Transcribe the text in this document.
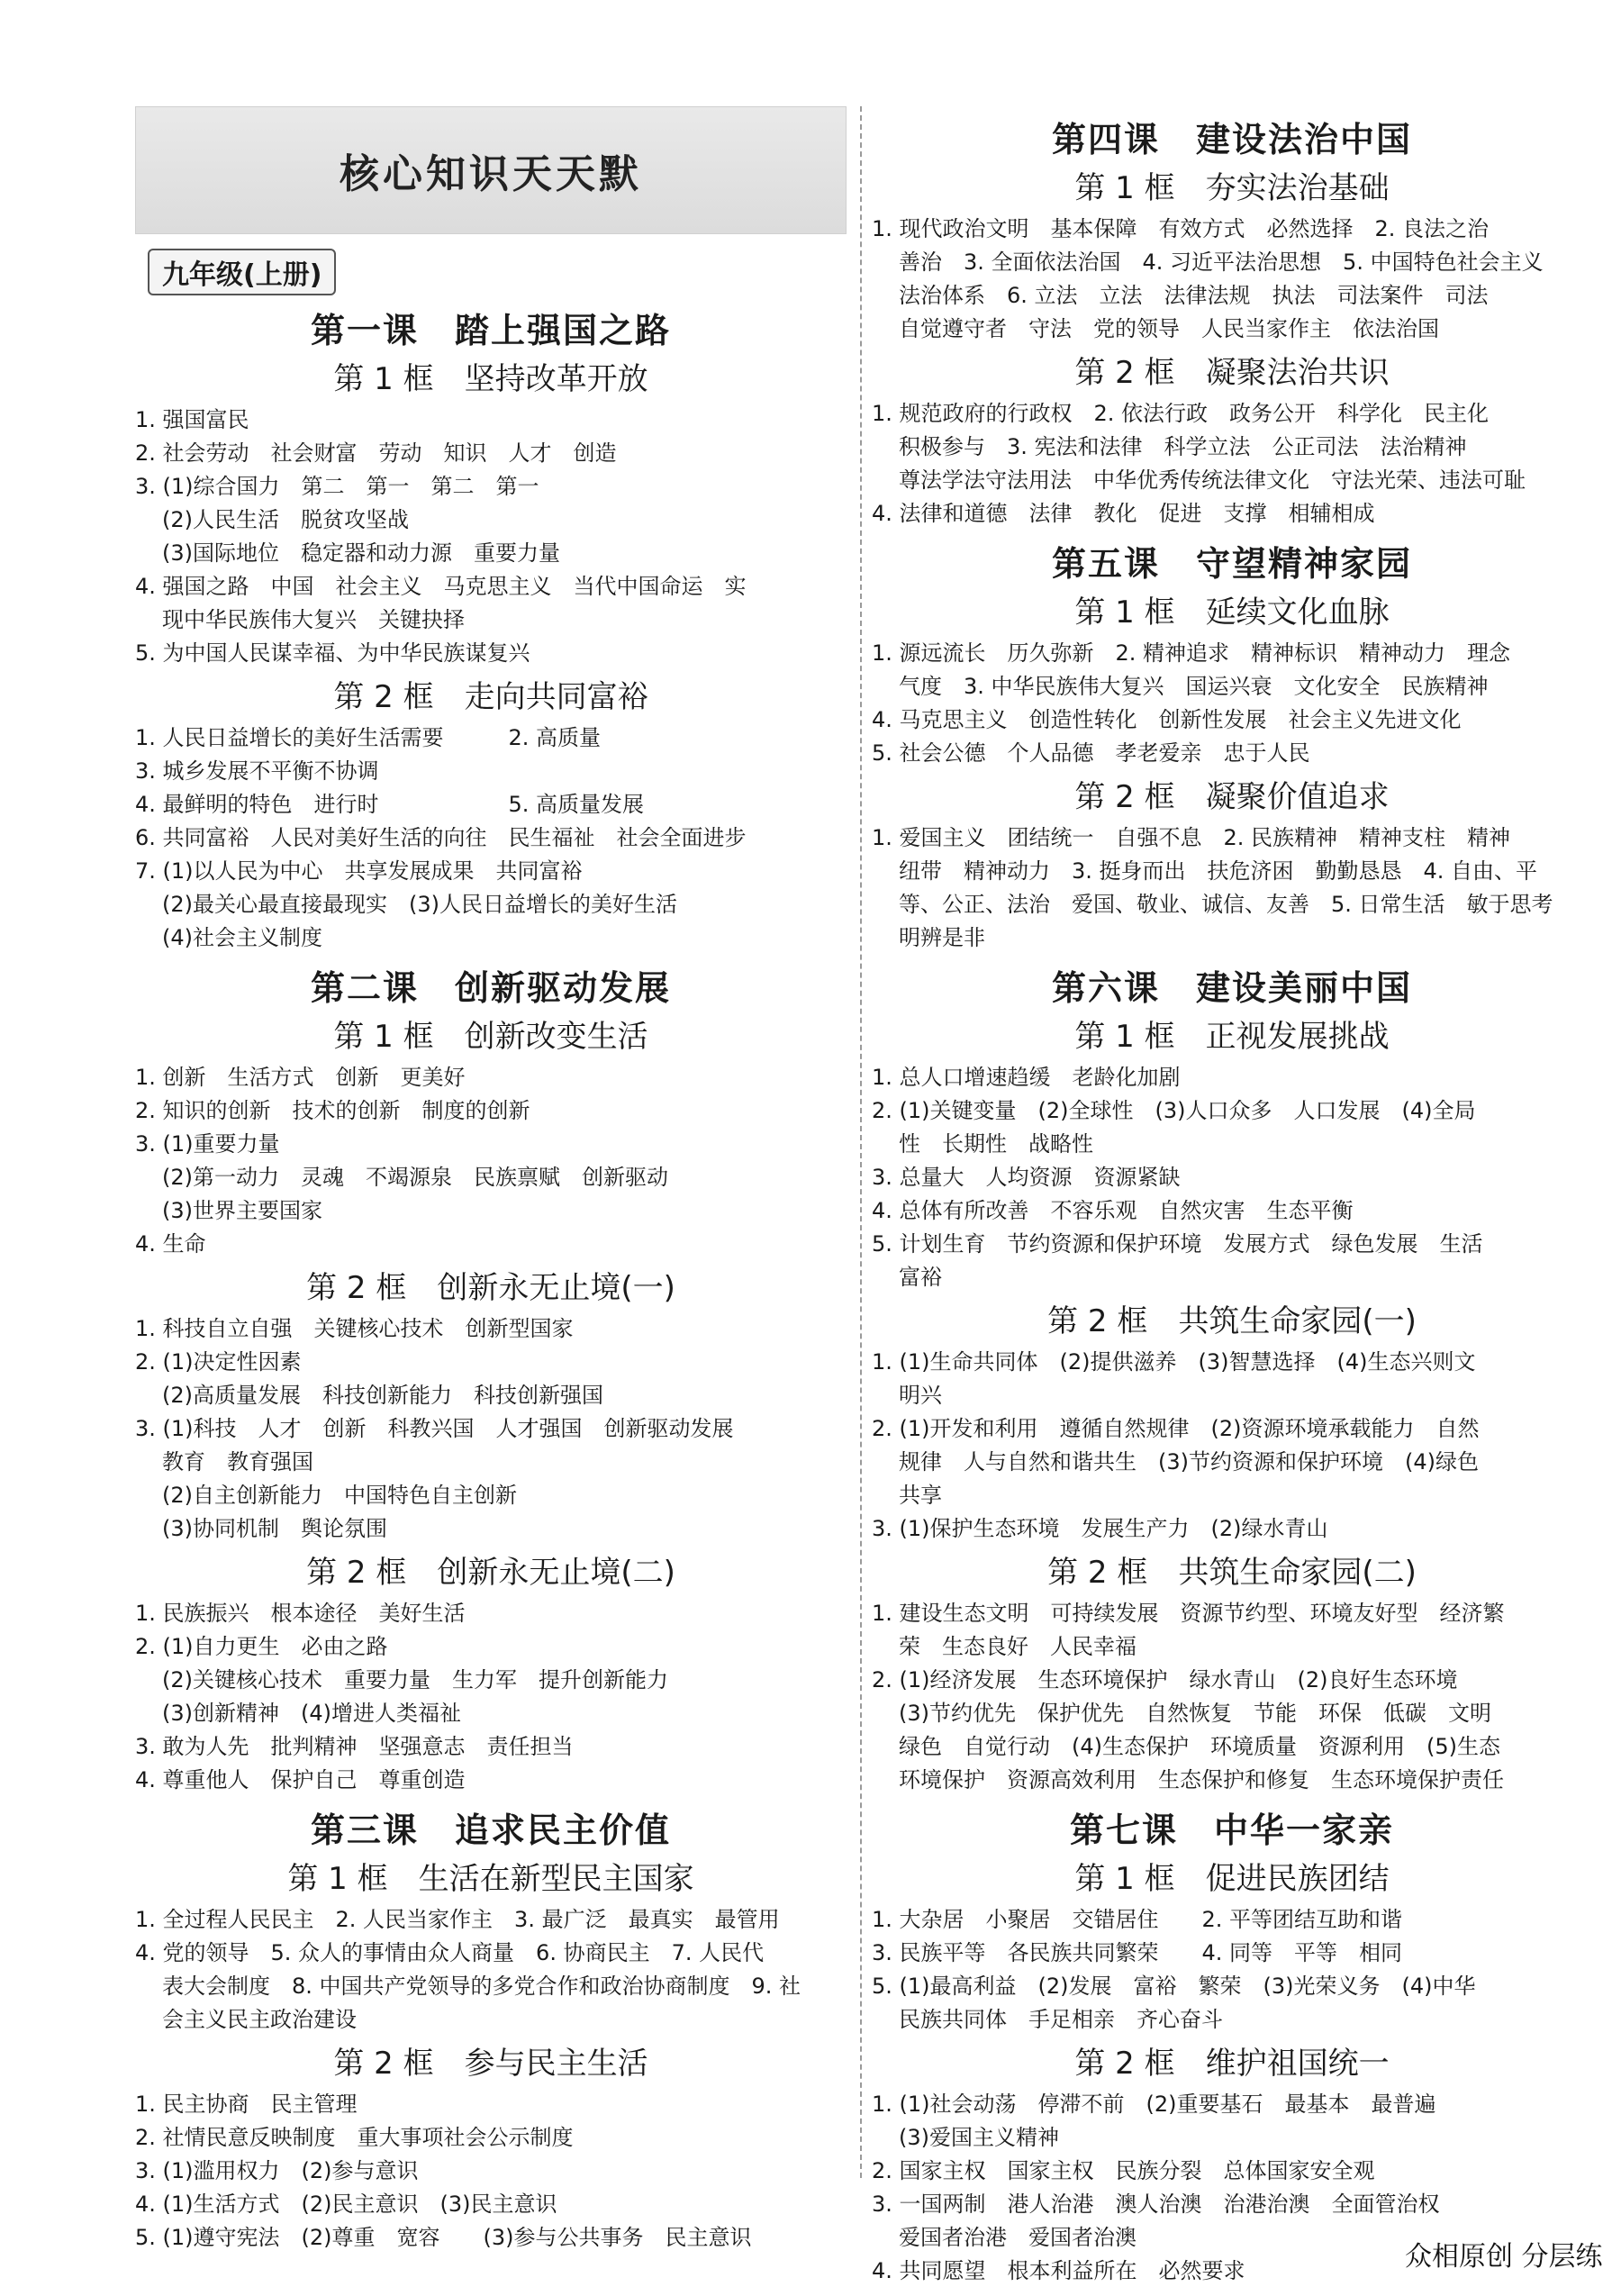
核心知识天天默
九年级(上册)
第一课　踏上强国之路
第 1 框　坚持改革开放
1. 强国富民
2. 社会劳动　社会财富　劳动　知识　人才　创造
3. (1)综合国力　第二　第一　第二　第一
(2)人民生活　脱贫攻坚战
(3)国际地位　稳定器和动力源　重要力量
4. 强国之路　中国　社会主义　马克思主义　当代中国命运　实
现中华民族伟大复兴　关键抉择
5. 为中国人民谋幸福、为中华民族谋复兴
第 2 框　走向共同富裕
1. 人民日益增长的美好生活需要　　　2. 高质量
3. 城乡发展不平衡不协调
4. 最鲜明的特色　进行时　　　　　　5. 高质量发展
6. 共同富裕　人民对美好生活的向往　民生福祉　社会全面进步
7. (1)以人民为中心　共享发展成果　共同富裕
(2)最关心最直接最现实　(3)人民日益增长的美好生活
(4)社会主义制度
第二课　创新驱动发展
第 1 框　创新改变生活
1. 创新　生活方式　创新　更美好
2. 知识的创新　技术的创新　制度的创新
3. (1)重要力量
(2)第一动力　灵魂　不竭源泉　民族禀赋　创新驱动
(3)世界主要国家
4. 生命
第 2 框　创新永无止境(一)
1. 科技自立自强　关键核心技术　创新型国家
2. (1)决定性因素
(2)高质量发展　科技创新能力　科技创新强国
3. (1)科技　人才　创新　科教兴国　人才强国　创新驱动发展
教育　教育强国
(2)自主创新能力　中国特色自主创新
(3)协同机制　舆论氛围
第 2 框　创新永无止境(二)
1. 民族振兴　根本途径　美好生活
2. (1)自力更生　必由之路
(2)关键核心技术　重要力量　生力军　提升创新能力
(3)创新精神　(4)增进人类福祉
3. 敢为人先　批判精神　坚强意志　责任担当
4. 尊重他人　保护自己　尊重创造
第三课　追求民主价值
第 1 框　生活在新型民主国家
1. 全过程人民民主　2. 人民当家作主　3. 最广泛　最真实　最管用
4. 党的领导　5. 众人的事情由众人商量　6. 协商民主　7. 人民代
表大会制度　8. 中国共产党领导的多党合作和政治协商制度　9. 社
会主义民主政治建设
第 2 框　参与民主生活
1. 民主协商　民主管理
2. 社情民意反映制度　重大事项社会公示制度
3. (1)滥用权力　(2)参与意识
4. (1)生活方式　(2)民主意识　(3)民主意识
5. (1)遵守宪法　(2)尊重　宽容　　(3)参与公共事务　民主意识
第四课　建设法治中国
第 1 框　夯实法治基础
1. 现代政治文明　基本保障　有效方式　必然选择　2. 良法之治
善治　3. 全面依法治国　4. 习近平法治思想　5. 中国特色社会主义
法治体系　6. 立法　立法　法律法规　执法　司法案件　司法
自觉遵守者　守法　党的领导　人民当家作主　依法治国
第 2 框　凝聚法治共识
1. 规范政府的行政权　2. 依法行政　政务公开　科学化　民主化
积极参与　3. 宪法和法律　科学立法　公正司法　法治精神
尊法学法守法用法　中华优秀传统法律文化　守法光荣、违法可耻
4. 法律和道德　法律　教化　促进　支撑　相辅相成
第五课　守望精神家园
第 1 框　延续文化血脉
1. 源远流长　历久弥新　2. 精神追求　精神标识　精神动力　理念
气度　3. 中华民族伟大复兴　国运兴衰　文化安全　民族精神
4. 马克思主义　创造性转化　创新性发展　社会主义先进文化
5. 社会公德　个人品德　孝老爱亲　忠于人民
第 2 框　凝聚价值追求
1. 爱国主义　团结统一　自强不息　2. 民族精神　精神支柱　精神
纽带　精神动力　3. 挺身而出　扶危济困　勤勤恳恳　4. 自由、平
等、公正、法治　爱国、敬业、诚信、友善　5. 日常生活　敏于思考
明辨是非
第六课　建设美丽中国
第 1 框　正视发展挑战
1. 总人口增速趋缓　老龄化加剧
2. (1)关键变量　(2)全球性　(3)人口众多　人口发展　(4)全局
性　长期性　战略性
3. 总量大　人均资源　资源紧缺
4. 总体有所改善　不容乐观　自然灾害　生态平衡
5. 计划生育　节约资源和保护环境　发展方式　绿色发展　生活
富裕
第 2 框　共筑生命家园(一)
1. (1)生命共同体　(2)提供滋养　(3)智慧选择　(4)生态兴则文
明兴
2. (1)开发和利用　遵循自然规律　(2)资源环境承载能力　自然
规律　人与自然和谐共生　(3)节约资源和保护环境　(4)绿色
共享
3. (1)保护生态环境　发展生产力　(2)绿水青山
第 2 框　共筑生命家园(二)
1. 建设生态文明　可持续发展　资源节约型、环境友好型　经济繁
荣　生态良好　人民幸福
2. (1)经济发展　生态环境保护　绿水青山　(2)良好生态环境
(3)节约优先　保护优先　自然恢复　节能　环保　低碳　文明
绿色　自觉行动　(4)生态保护　环境质量　资源利用　(5)生态
环境保护　资源高效利用　生态保护和修复　生态环境保护责任
第七课　中华一家亲
第 1 框　促进民族团结
1. 大杂居　小聚居　交错居住　　2. 平等团结互助和谐
3. 民族平等　各民族共同繁荣　　4. 同等　平等　相同
5. (1)最高利益　(2)发展　富裕　繁荣　(3)光荣义务　(4)中华
民族共同体　手足相亲　齐心奋斗
第 2 框　维护祖国统一
1. (1)社会动荡　停滞不前　(2)重要基石　最基本　最普遍
(3)爱国主义精神
2. 国家主权　国家主权　民族分裂　总体国家安全观
3. 一国两制　港人治港　澳人治澳　治港治澳　全面管治权
爱国者治港　爱国者治澳
4. 共同愿望　根本利益所在　必然要求	众相原创 分层练
